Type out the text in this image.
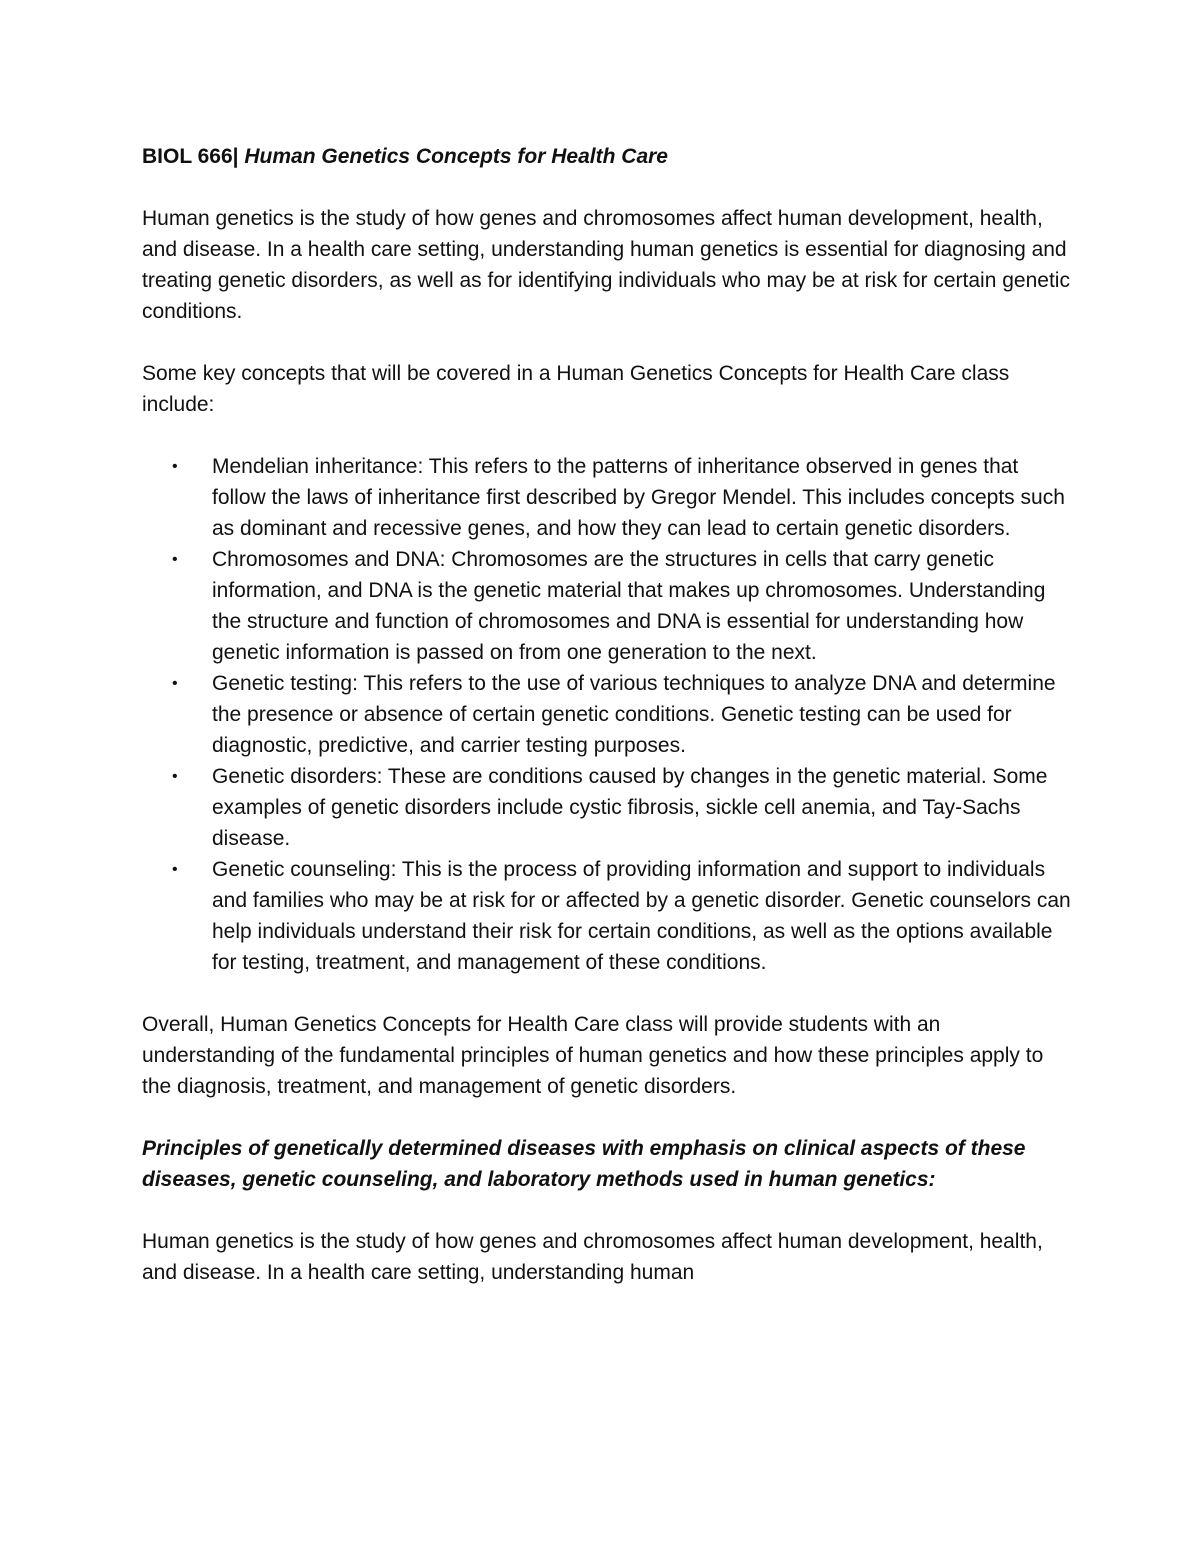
BIOL 666| Human Genetics Concepts for Health Care

Human genetics is the study of how genes and chromosomes affect human development, health, and disease. In a health care setting, understanding human genetics is essential for diagnosing and treating genetic disorders, as well as for identifying individuals who may be at risk for certain genetic conditions.

Some key concepts that will be covered in a Human Genetics Concepts for Health Care class include:

• Mendelian inheritance: This refers to the patterns of inheritance observed in genes that follow the laws of inheritance first described by Gregor Mendel. This includes concepts such as dominant and recessive genes, and how they can lead to certain genetic disorders.
• Chromosomes and DNA: Chromosomes are the structures in cells that carry genetic information, and DNA is the genetic material that makes up chromosomes. Understanding the structure and function of chromosomes and DNA is essential for understanding how genetic information is passed on from one generation to the next.
• Genetic testing: This refers to the use of various techniques to analyze DNA and determine the presence or absence of certain genetic conditions. Genetic testing can be used for diagnostic, predictive, and carrier testing purposes.
• Genetic disorders: These are conditions caused by changes in the genetic material. Some examples of genetic disorders include cystic fibrosis, sickle cell anemia, and Tay-Sachs disease.
• Genetic counseling: This is the process of providing information and support to individuals and families who may be at risk for or affected by a genetic disorder. Genetic counselors can help individuals understand their risk for certain conditions, as well as the options available for testing, treatment, and management of these conditions.

Overall, Human Genetics Concepts for Health Care class will provide students with an understanding of the fundamental principles of human genetics and how these principles apply to the diagnosis, treatment, and management of genetic disorders.

Principles of genetically determined diseases with emphasis on clinical aspects of these diseases, genetic counseling, and laboratory methods used in human genetics:

Human genetics is the study of how genes and chromosomes affect human development, health, and disease. In a health care setting, understanding human
